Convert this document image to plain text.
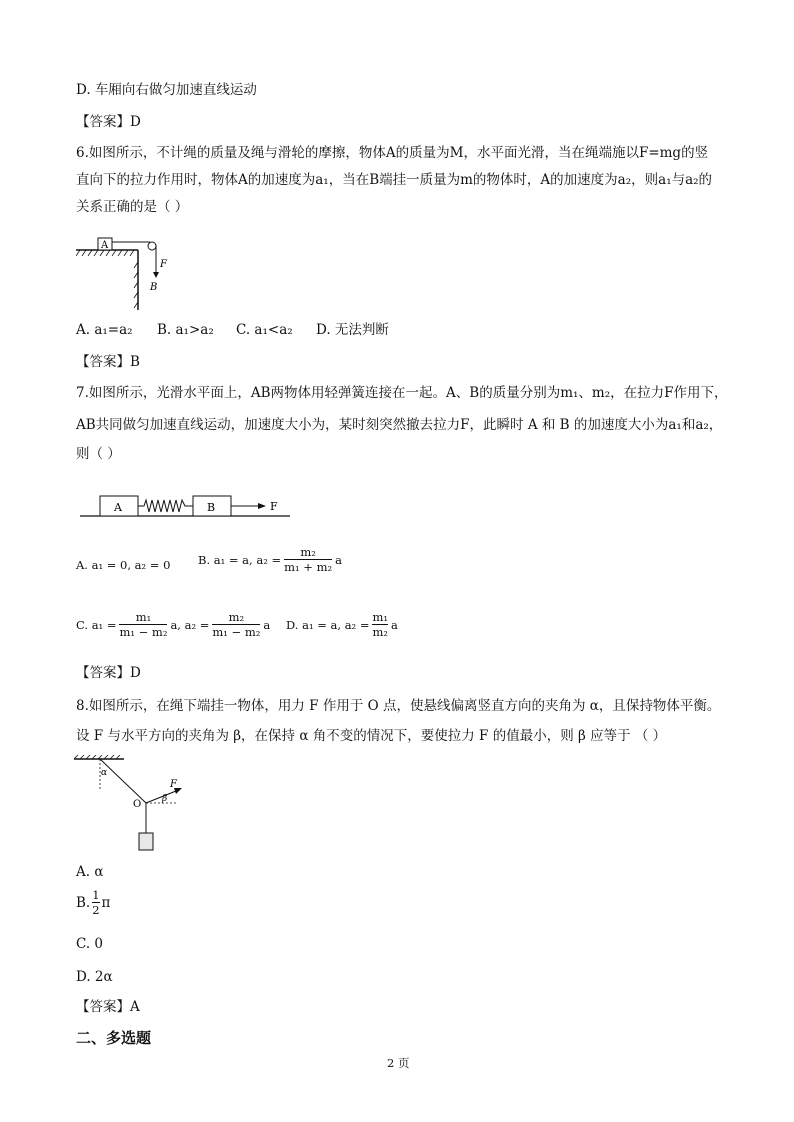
D. 车厢向右做匀加速直线运动
【答案】D
6.如图所示，不计绳的质量及绳与滑轮的摩擦，物体A的质量为M，水平面光滑，当在绳端施以F=mg的竖
直向下的拉力作用时，物体A的加速度为a₁，当在B端挂一质量为m的物体时，A的加速度为a₂，则a₁与a₂的
关系正确的是（ ）
A
F
B
A. a₁=a₂ B. a₁>a₂ C. a₁<a₂ D. 无法判断
【答案】B
7.如图所示，光滑水平面上，AB两物体用轻弹簧连接在一起。A、B的质量分别为m₁、m₂，在拉力F作用下，
AB共同做匀加速直线运动，加速度大小为，某时刻突然撤去拉力F，此瞬时 A 和 B 的加速度大小为a₁和a₂，
则（ ）
A	B	F
A. a₁ = 0, a₂ = 0 B. a₁ = a, $a_2 = \frac{\text{m₂}}{\text{m₁ + m₂}}$ a
C. $a_1 = \frac{\text{m₁}}{\text{m₁ − m₂}} a$, $a_2 = \frac{\text{m₂}}{\text{m₁ − m₂}}$ a D. a₁ = a, $a_2 = \frac{\text{m₁}}{\text{m₂}}$ a
【答案】D
8.如图所示，在绳下端挂一物体，用力 F 作用于 O 点，使悬线偏离竖直方向的夹角为 α，且保持物体平衡。
设 F 与水平方向的夹角为 β，在保持 α 角不变的情况下，要使拉力 F 的值最小，则 β 应等于 （ ）
α
O
F
β
A. α
B. $\frac{1}{2}$ π
C. 0
D. 2α
【答案】A
二、多选题
2 页
